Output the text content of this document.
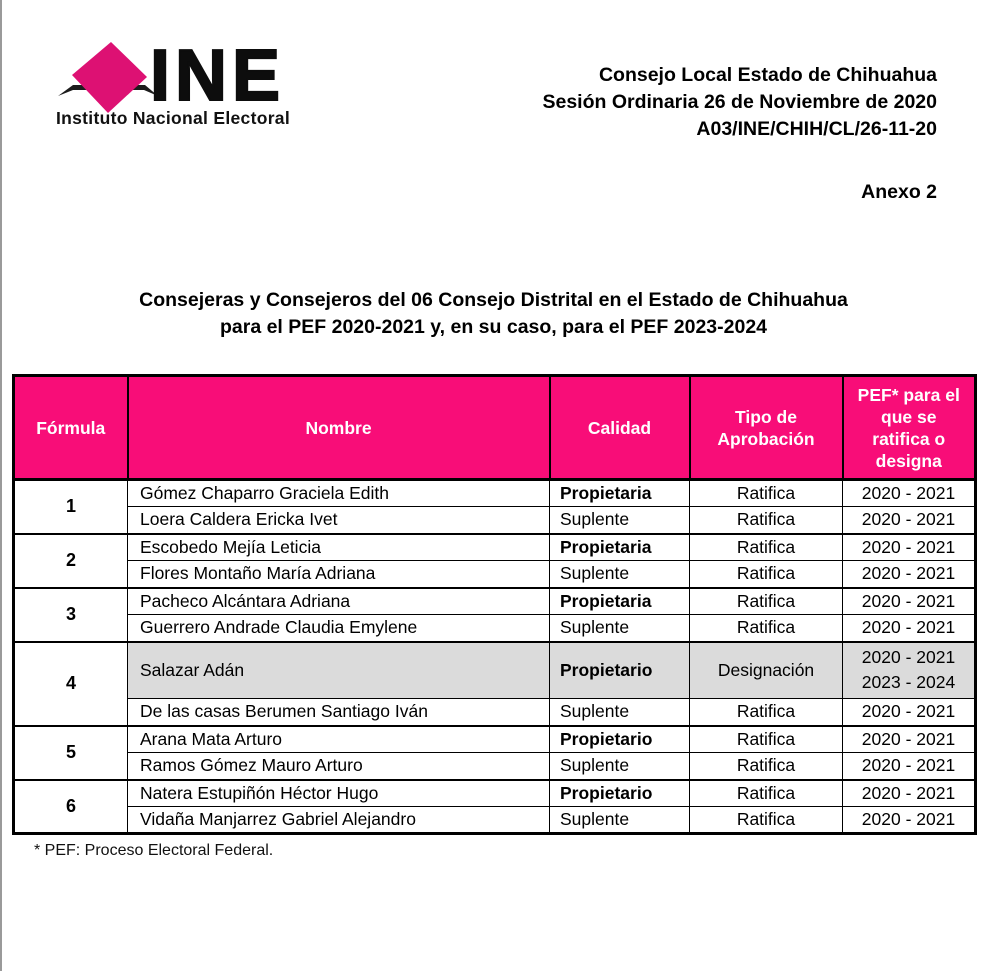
INE
Instituto Nacional Electoral
Consejo Local Estado de Chihuahua
Sesión Ordinaria 26 de Noviembre de 2020
A03/INE/CHIH/CL/26-11-20
Anexo 2
Consejeras y Consejeros del 06 Consejo Distrital en el Estado de Chihuahua
para el PEF 2020-2021 y, en su caso, para el PEF 2023-2024
Fórmula	Nombre	Calidad	Tipo de Aprobación	PEF* para el que se ratifica o designa
1	Gómez Chaparro Graciela Edith	Propietaria	Ratifica	2020 - 2021
	Loera Caldera Ericka Ivet	Suplente	Ratifica	2020 - 2021
2	Escobedo Mejía Leticia	Propietaria	Ratifica	2020 - 2021
	Flores Montaño María Adriana	Suplente	Ratifica	2020 - 2021
3	Pacheco Alcántara Adriana	Propietaria	Ratifica	2020 - 2021
	Guerrero Andrade Claudia Emylene	Suplente	Ratifica	2020 - 2021
4	Salazar Adán	Propietario	Designación	2020 - 2021
2023 - 2024

	De las casas Berumen Santiago Iván	Suplente	Ratifica	2020 - 2021
5	Arana Mata Arturo	Propietario	Ratifica	2020 - 2021
	Ramos Gómez Mauro Arturo	Suplente	Ratifica	2020 - 2021
6	Natera Estupiñón Héctor Hugo	Propietario	Ratifica	2020 - 2021
	Vidaña Manjarrez Gabriel Alejandro	Suplente	Ratifica	2020 - 2021
* PEF: Proceso Electoral Federal.
